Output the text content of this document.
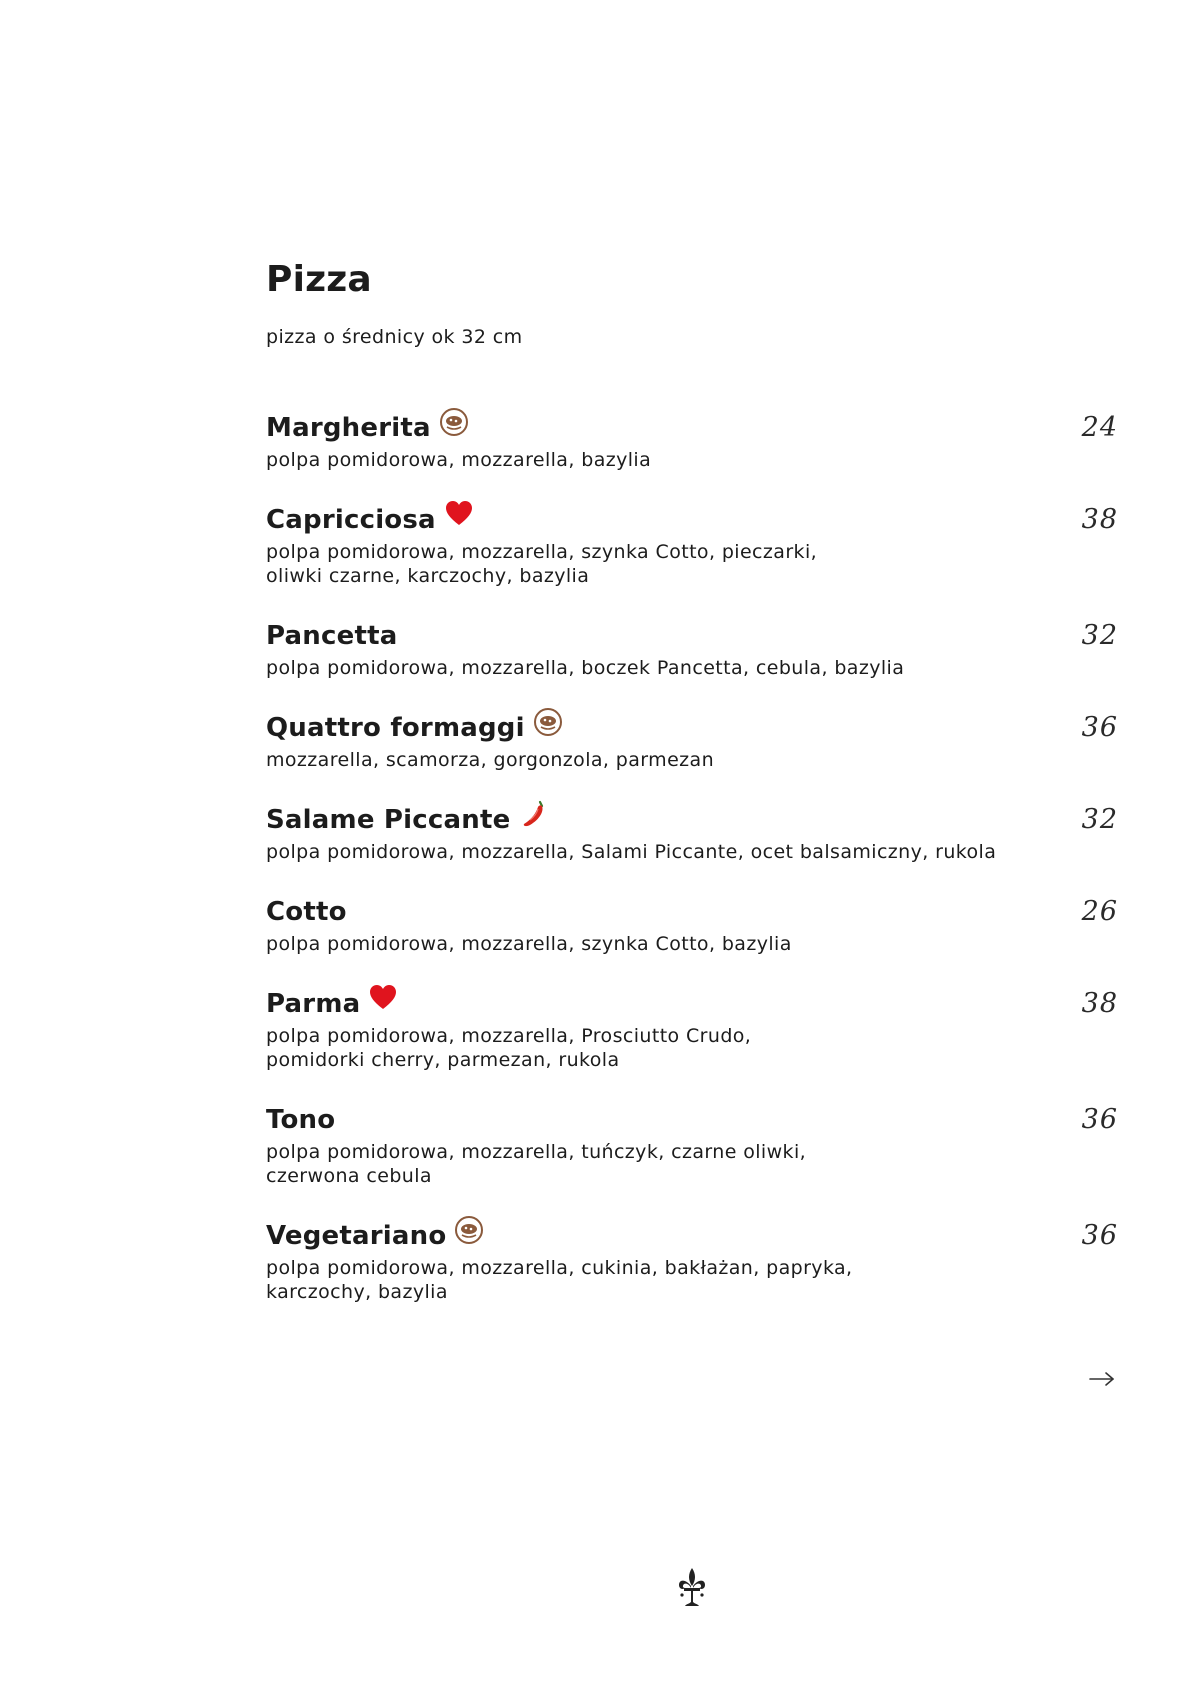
Pizza
pizza o średnicy ok 32 cm
Margherita
polpa pomidorowa, mozzarella, bazylia
24
Capricciosa
polpa pomidorowa, mozzarella, szynka Cotto, pieczarki,
oliwki czarne, karczochy, bazylia
38
Pancetta
polpa pomidorowa, mozzarella, boczek Pancetta, cebula, bazylia
32
Quattro formaggi
mozzarella, scamorza, gorgonzola, parmezan
36
Salame Piccante
polpa pomidorowa, mozzarella, Salami Piccante, ocet balsamiczny, rukola
32
Cotto
polpa pomidorowa, mozzarella, szynka Cotto, bazylia
26
Parma
polpa pomidorowa, mozzarella, Prosciutto Crudo,
pomidorki cherry, parmezan, rukola
38
Tono
polpa pomidorowa, mozzarella, tuńczyk, czarne oliwki,
czerwona cebula
36
Vegetariano
polpa pomidorowa, mozzarella, cukinia, bakłażan, papryka,
karczochy, bazylia
36
